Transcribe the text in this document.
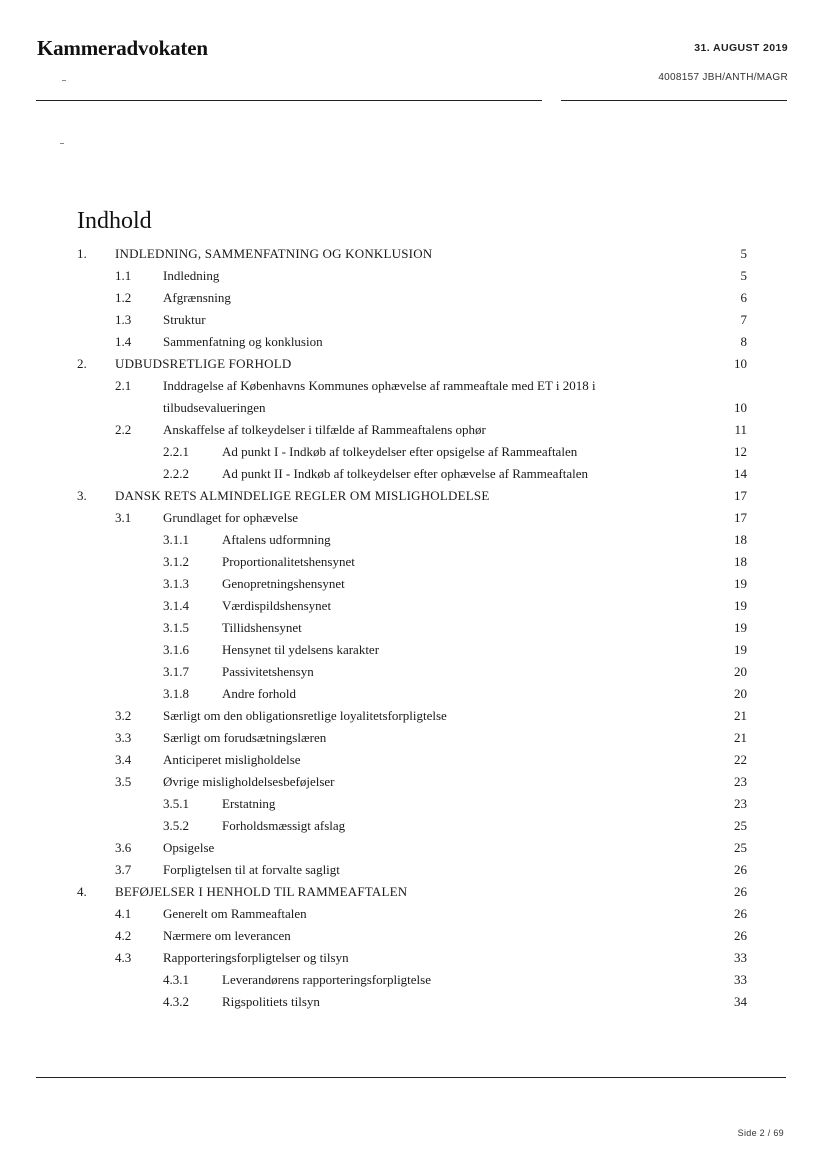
Kammeradvokaten	31. AUGUST 2019
4008157 JBH/ANTH/MAGR
Indhold
1. INDLEDNING, SAMMENFATNING OG KONKLUSION	5
1.1 Indledning	5
1.2 Afgrænsning	6
1.3 Struktur	7
1.4 Sammenfatning og konklusion	8
2. UDBUDSRETLIGE FORHOLD	10
2.1 Inddragelse af Københavns Kommunes ophævelse af rammeaftale med ET i 2018 i
tilbudsevalueringen	10
2.2 Anskaffelse af tolkeydelser i tilfælde af Rammeaftalens ophør	11
2.2.1	Ad punkt I - Indkøb af tolkeydelser efter opsigelse af Rammeaftalen	12
2.2.2	Ad punkt II - Indkøb af tolkeydelser efter ophævelse af Rammeaftalen	14
3. DANSK RETS ALMINDELIGE REGLER OM MISLIGHOLDELSE	17
3.1 Grundlaget for ophævelse	17
3.1.1	Aftalens udformning	18
3.1.2	Proportionalitetshensynet	18
3.1.3	Genopretningshensynet	19
3.1.4	Værdispildshensynet	19
3.1.5	Tillidshensynet	19
3.1.6	Hensynet til ydelsens karakter	19
3.1.7	Passivitetshensyn	20
3.1.8	Andre forhold	20
3.2 Særligt om den obligationsretlige loyalitetsforpligtelse	21
3.3 Særligt om forudsætningslæren	21
3.4 Anticiperet misligholdelse	22
3.5 Øvrige misligholdelsesbeføjelser	23
3.5.1	Erstatning	23
3.5.2	Forholdsmæssigt afslag	25
3.6 Opsigelse	25
3.7 Forpligtelsen til at forvalte sagligt	26
4. BEFØJELSER I HENHOLD TIL RAMMEAFTALEN	26
4.1 Generelt om Rammeaftalen	26
4.2 Nærmere om leverancen	26
4.3 Rapporteringsforpligtelser og tilsyn	33
4.3.1	Leverandørens rapporteringsforpligtelse	33
4.3.2	Rigspolitiets tilsyn	34
Side 2 / 69
